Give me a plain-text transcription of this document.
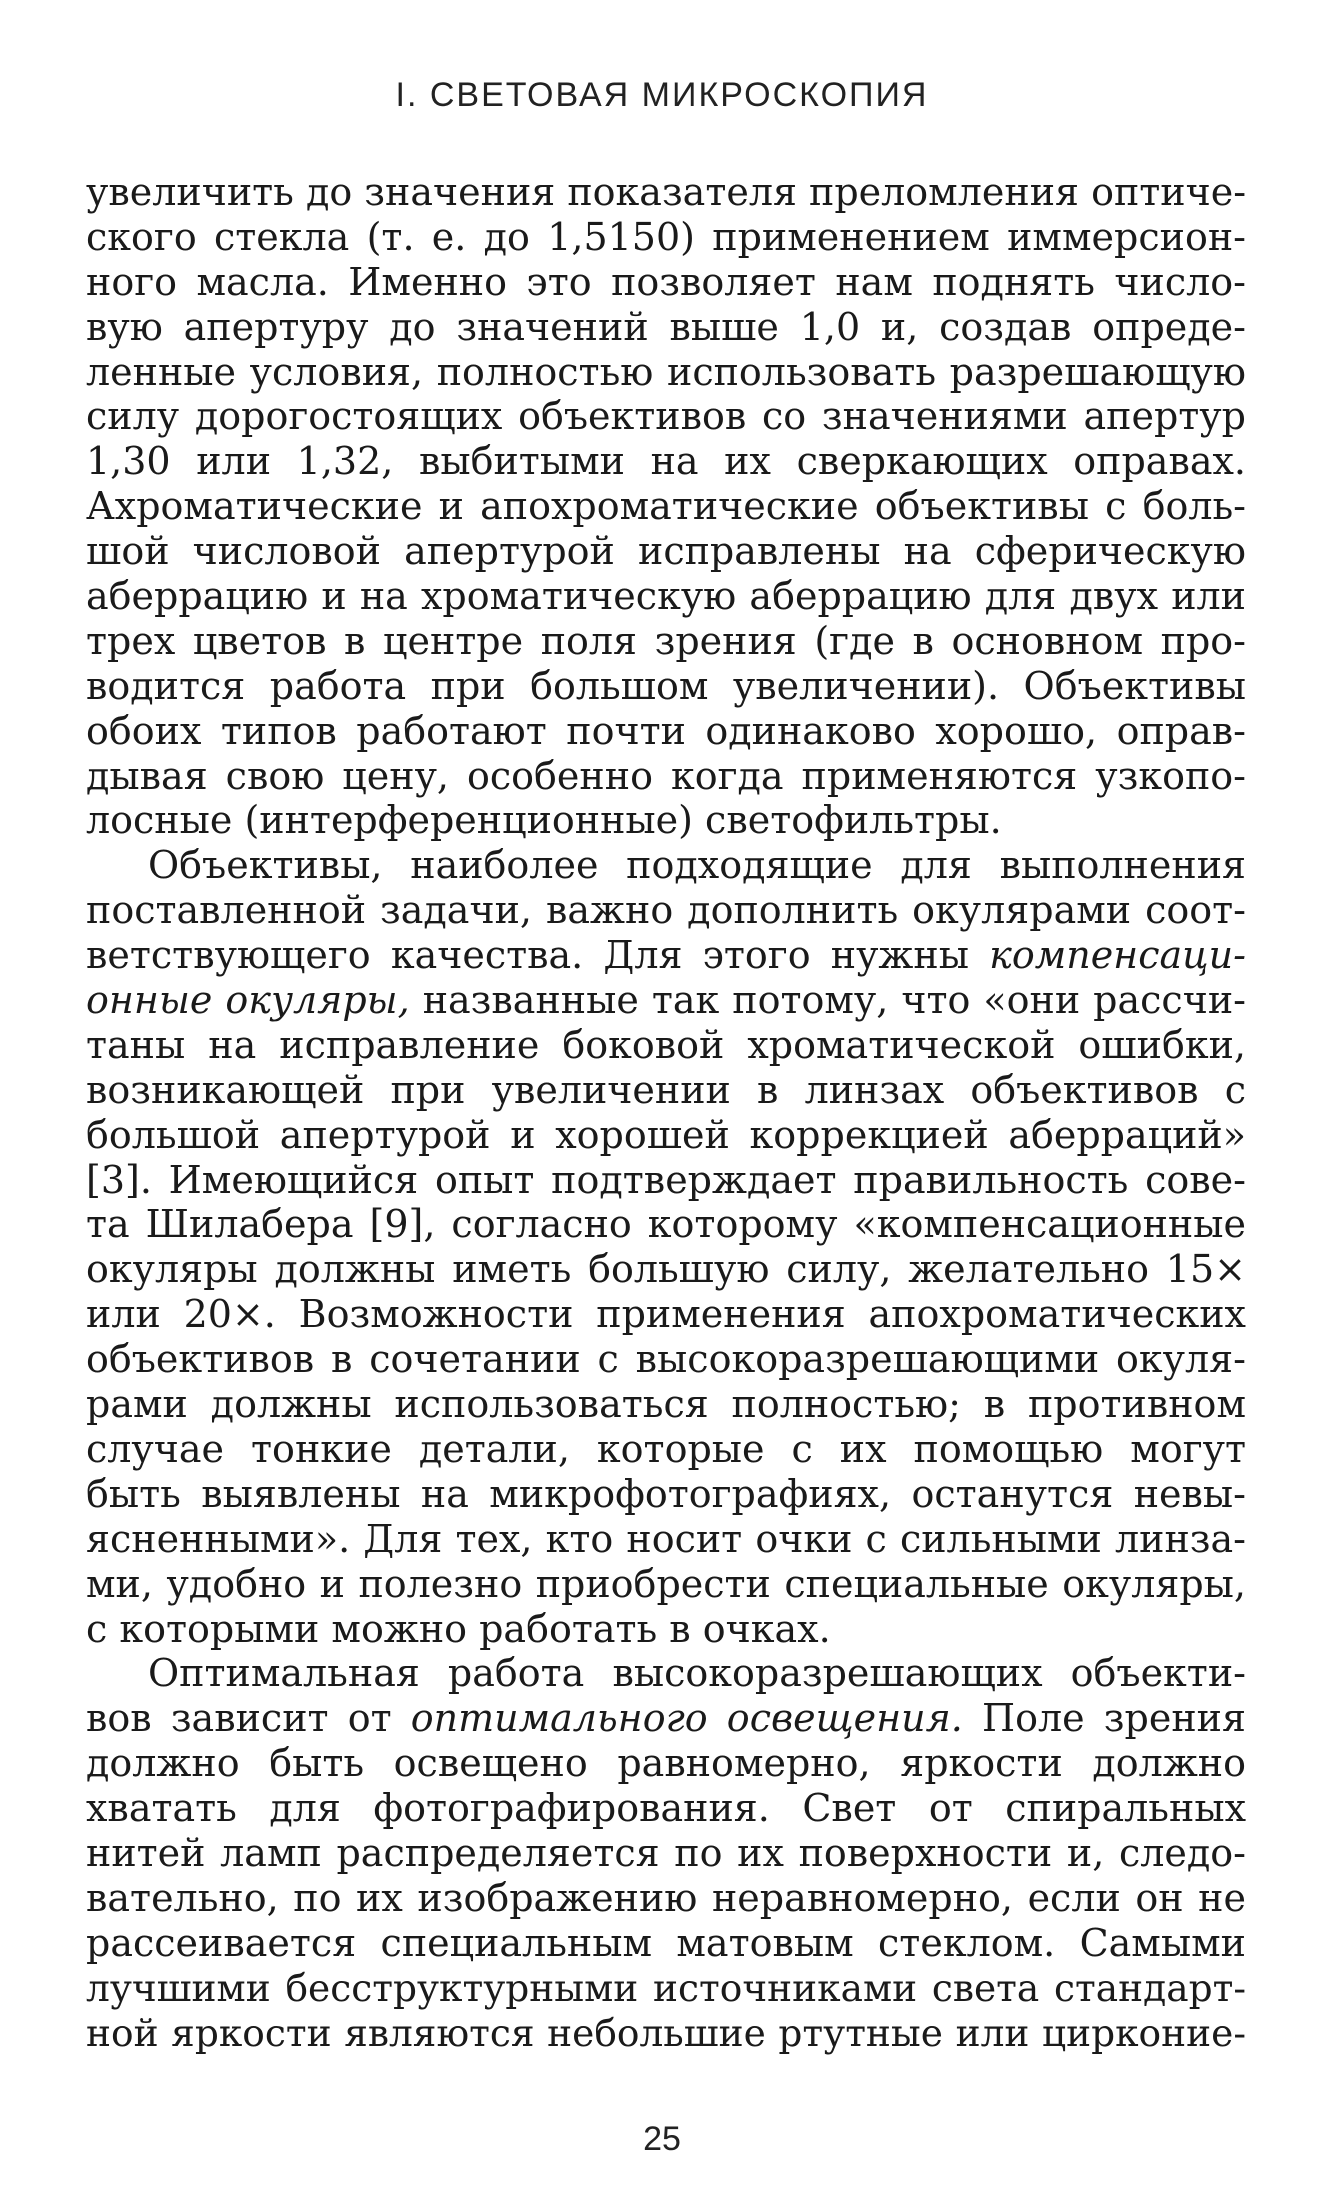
I. СВЕТОВАЯ МИКРОСКОПИЯ
увеличить до значения показателя преломления оптиче-
ского стекла (т. е. до 1,5150) применением иммерсион-
ного масла. Именно это позволяет нам поднять число-
вую апертуру до значений выше 1,0 и, создав опреде-
ленные условия, полностью использовать разрешающую
силу дорогостоящих объективов со значениями апертур
1,30 или 1,32, выбитыми на их сверкающих оправах.
Ахроматические и апохроматические объективы с боль-
шой числовой апертурой исправлены на сферическую
аберрацию и на хроматическую аберрацию для двух или
трех цветов в центре поля зрения (где в основном про-
водится работа при большом увеличении). Объективы
обоих типов работают почти одинаково хорошо, оправ-
дывая свою цену, особенно когда применяются узкопо-
лосные (интерференционные) светофильтры.
Объективы, наиболее подходящие для выполнения
поставленной задачи, важно дополнить окулярами соот-
ветствующего качества. Для этого нужны компенсаци-
онные окуляры, названные так потому, что «они рассчи-
таны на исправление боковой хроматической ошибки,
возникающей при увеличении в линзах объективов с
большой апертурой и хорошей коррекцией аберраций»
[3]. Имеющийся опыт подтверждает правильность сове-
та Шилабера [9], согласно которому «компенсационные
окуляры должны иметь большую силу, желательно 15×
или 20×. Возможности применения апохроматических
объективов в сочетании с высокоразрешающими окуля-
рами должны использоваться полностью; в противном
случае тонкие детали, которые с их помощью могут
быть выявлены на микрофотографиях, останутся невы-
ясненными». Для тех, кто носит очки с сильными линза-
ми, удобно и полезно приобрести специальные окуляры,
с которыми можно работать в очках.
Оптимальная работа высокоразрешающих объекти-
вов зависит от оптимального освещения. Поле зрения
должно быть освещено равномерно, яркости должно
хватать для фотографирования. Свет от спиральных
нитей ламп распределяется по их поверхности и, следо-
вательно, по их изображению неравномерно, если он не
рассеивается специальным матовым стеклом. Самыми
лучшими бесструктурными источниками света стандарт-
ной яркости являются небольшие ртутные или цирконие-
25
